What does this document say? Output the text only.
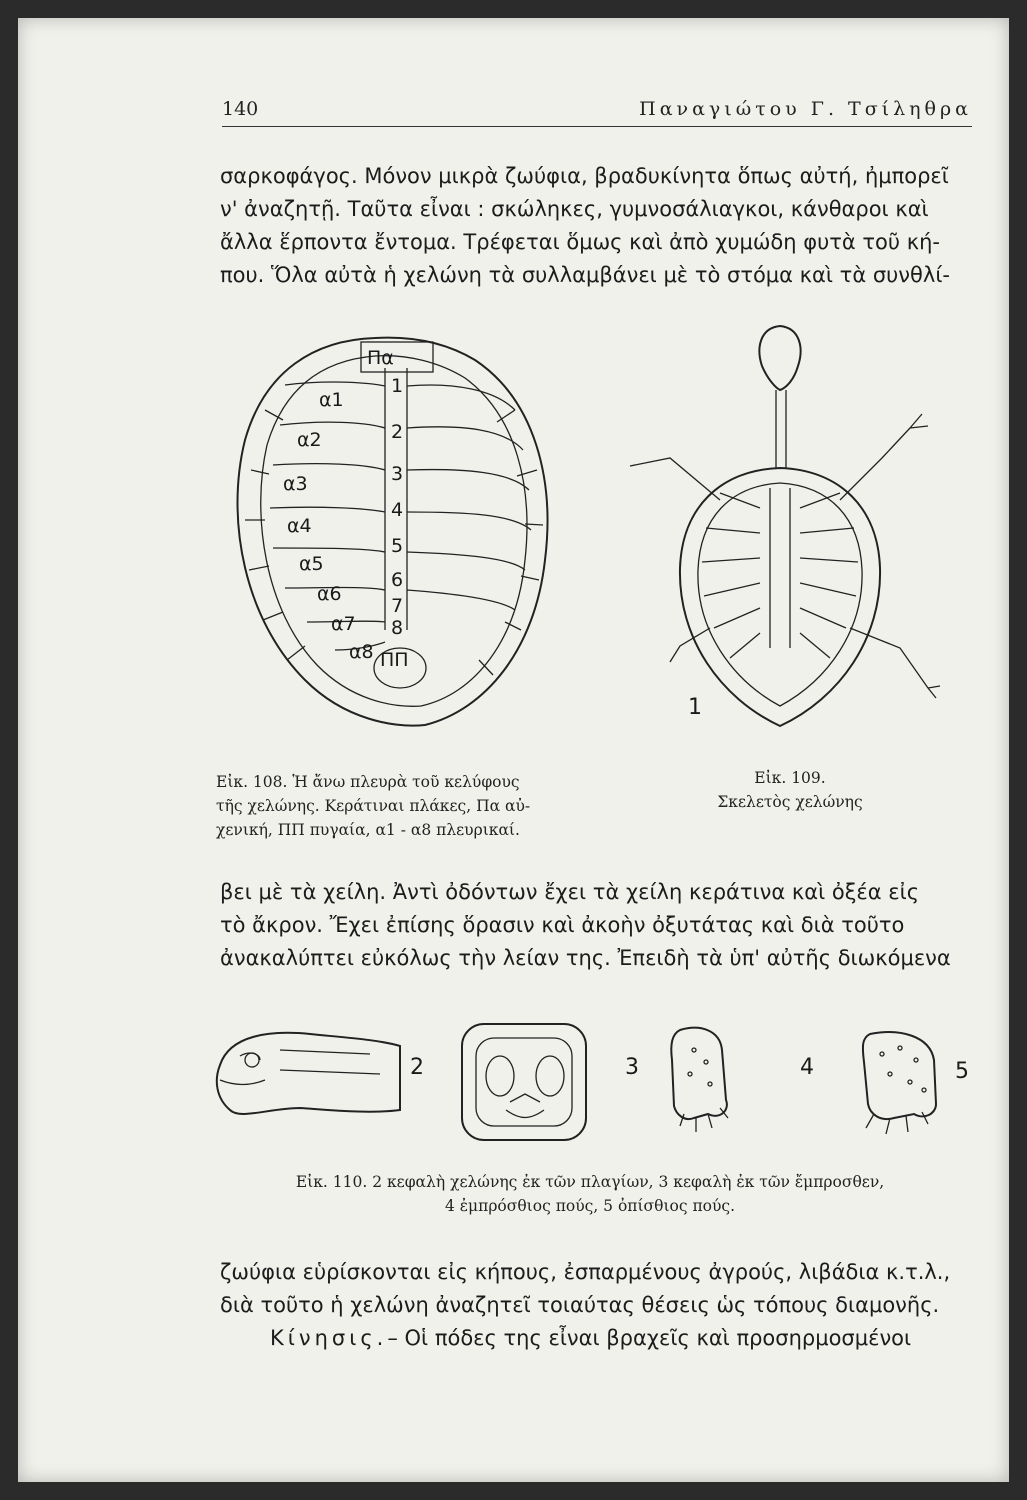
140	Παναγιώτου Γ. Τσίληθρα

σαρκοφάγος. Μόνον μικρὰ ζωύφια, βραδυκίνητα ὅπως αὐτή, ἠμπορεῖ

ν' ἀναζητῇ. Ταῦτα εἶναι : σκώληκες, γυμνοσάλιαγκοι, κάνθαροι καὶ

ἄλλα ἕρποντα ἔντομα. Τρέφεται ὅμως καὶ ἀπὸ χυμώδη φυτὰ τοῦ κή-

που. Ὅλα αὐτὰ ἡ χελώνη τὰ συλλαμβάνει μὲ τὸ στόμα καὶ τὰ συνθλί-

Πα
α1
α2
α3
α4
α5
α6
α7
α8
1
2
3
4
5
6
7
8
ΠΠ
1

Εἰκ. 108. Ἡ ἄνω πλευρὰ τοῦ κελύφους

τῆς χελώνης. Κεράτιναι πλάκες, Πα αὐ-

χενική, ΠΠ πυγαία, α1 - α8 πλευρικαί.

Εἰκ. 109.

Σκελετὸς χελώνης

βει μὲ τὰ χείλη. Ἀντὶ ὀδόντων ἔχει τὰ χείλη κεράτινα καὶ ὀξέα εἰς

τὸ ἄκρον. Ἔχει ἐπίσης ὅρασιν καὶ ἀκοὴν ὀξυτάτας καὶ διὰ τοῦτο

ἀνακαλύπτει εὐκόλως τὴν λείαν της. Ἐπειδὴ τὰ ὑπ' αὐτῆς διωκόμενα

2	3	4	5

Εἰκ. 110. 2 κεφαλὴ χελώνης ἐκ τῶν πλαγίων, 3 κεφαλὴ ἐκ τῶν ἔμπροσθεν,

4 ἐμπρόσθιος πούς, 5 ὀπίσθιος πούς.

ζωύφια εὑρίσκονται εἰς κήπους, ἐσπαρμένους ἀγρούς, λιβάδια κ.τ.λ.,

διὰ τοῦτο ἡ χελώνη ἀναζητεῖ τοιαύτας θέσεις ὡς τόπους διαμονῆς.

Κίνησις.– Οἱ πόδες της εἶναι βραχεῖς καὶ προσηρμοσμένοι
